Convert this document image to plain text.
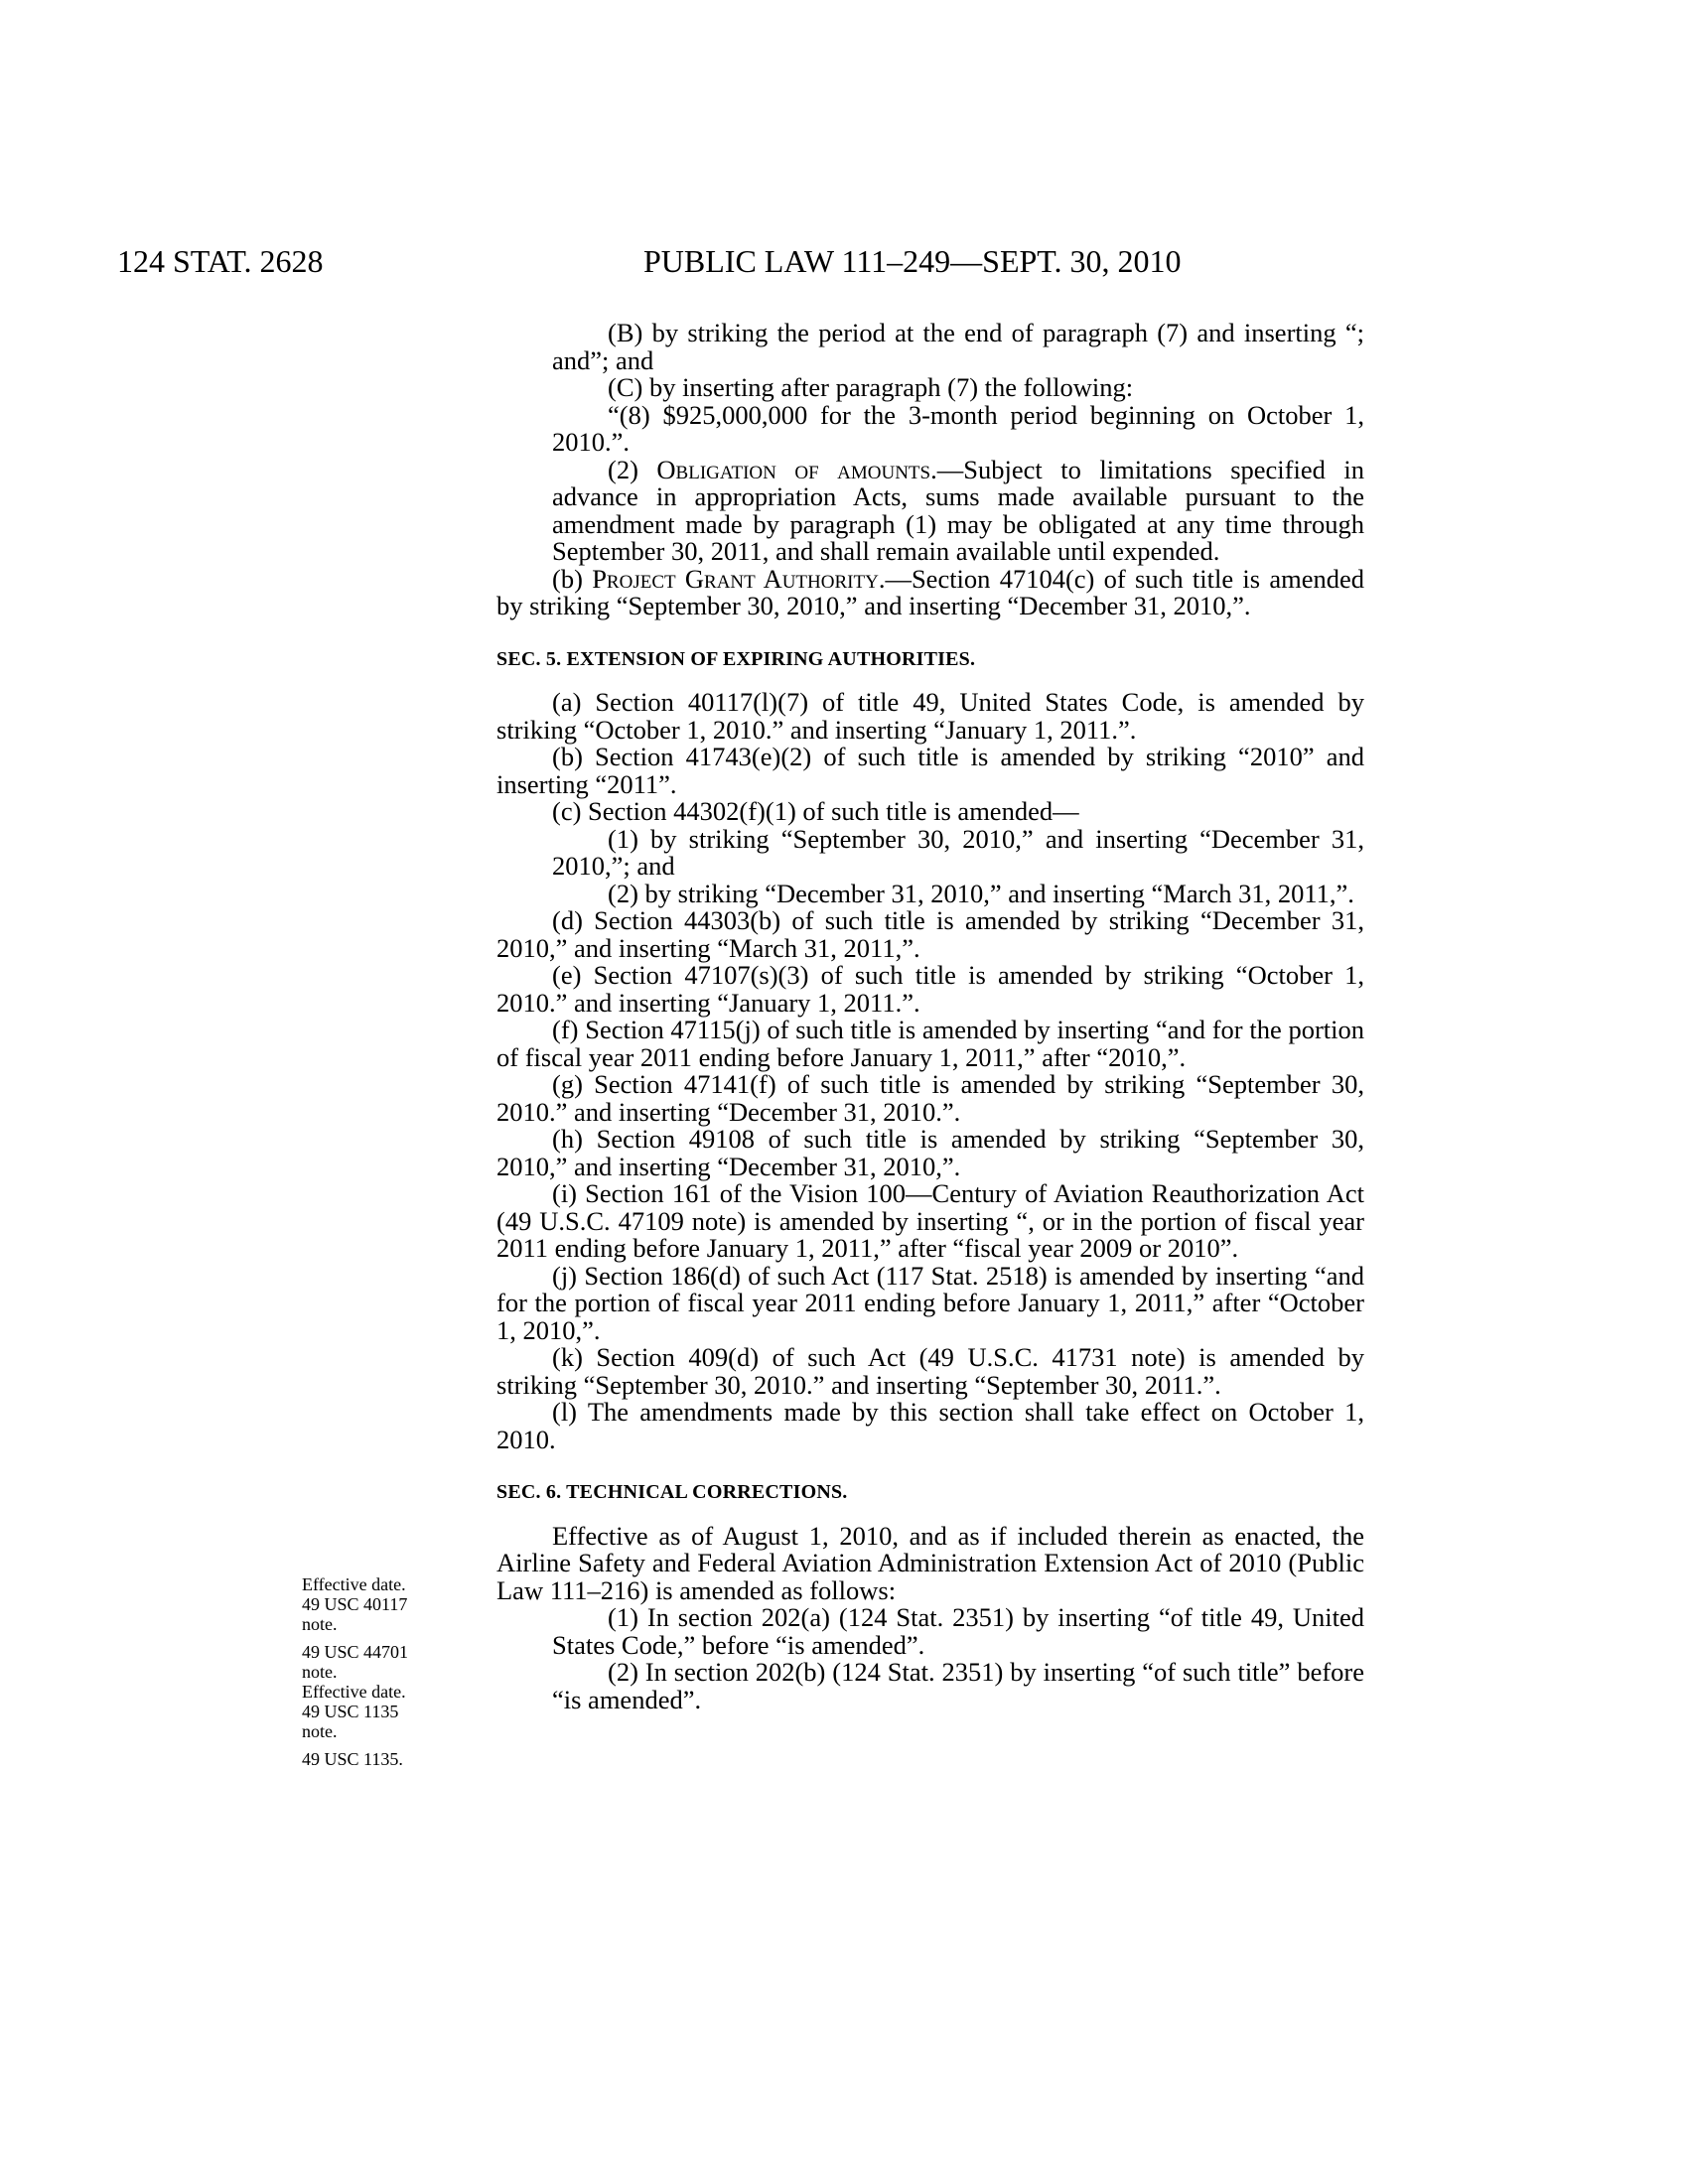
124 STAT. 2628	PUBLIC LAW 111–249—SEPT. 30, 2010

(B) by striking the period at the end of paragraph (7) and inserting “; and”; and

(C) by inserting after paragraph (7) the following:

“(8) $925,000,000 for the 3-month period beginning on October 1, 2010.”.

(2) Obligation of amounts.—Subject to limitations specified in advance in appropriation Acts, sums made available pursuant to the amendment made by paragraph (1) may be obligated at any time through September 30, 2011, and shall remain available until expended.

(b) Project Grant Authority.—Section 47104(c) of such title is amended by striking “September 30, 2010,” and inserting “December 31, 2010,”.

SEC. 5. EXTENSION OF EXPIRING AUTHORITIES.

(a) Section 40117(l)(7) of title 49, United States Code, is amended by striking “October 1, 2010.” and inserting “January 1, 2011.”.

(b) Section 41743(e)(2) of such title is amended by striking “2010” and inserting “2011”.

(c) Section 44302(f)(1) of such title is amended—

(1) by striking “September 30, 2010,” and inserting “December 31, 2010,”; and

(2) by striking “December 31, 2010,” and inserting “March 31, 2011,”.

(d) Section 44303(b) of such title is amended by striking “December 31, 2010,” and inserting “March 31, 2011,”.

(e) Section 47107(s)(3) of such title is amended by striking “October 1, 2010.” and inserting “January 1, 2011.”.

(f) Section 47115(j) of such title is amended by inserting “and for the portion of fiscal year 2011 ending before January 1, 2011,” after “2010,”.

(g) Section 47141(f) of such title is amended by striking “September 30, 2010.” and inserting “December 31, 2010.”.

(h) Section 49108 of such title is amended by striking “September 30, 2010,” and inserting “December 31, 2010,”.

(i) Section 161 of the Vision 100—Century of Aviation Reauthorization Act (49 U.S.C. 47109 note) is amended by inserting “, or in the portion of fiscal year 2011 ending before January 1, 2011,” after “fiscal year 2009 or 2010”.

(j) Section 186(d) of such Act (117 Stat. 2518) is amended by inserting “and for the portion of fiscal year 2011 ending before January 1, 2011,” after “October 1, 2010,”.

(k) Section 409(d) of such Act (49 U.S.C. 41731 note) is amended by striking “September 30, 2010.” and inserting “September 30, 2011.”.

(l) The amendments made by this section shall take effect on October 1, 2010.

SEC. 6. TECHNICAL CORRECTIONS.

Effective as of August 1, 2010, and as if included therein as enacted, the Airline Safety and Federal Aviation Administration Extension Act of 2010 (Public Law 111–216) is amended as follows:

(1) In section 202(a) (124 Stat. 2351) by inserting “of title 49, United States Code,” before “is amended”.

(2) In section 202(b) (124 Stat. 2351) by inserting “of such title” before “is amended”.

Effective date.
49 USC 40117
note.
49 USC 44701
note.
Effective date.
49 USC 1135
note.
49 USC 1135.
